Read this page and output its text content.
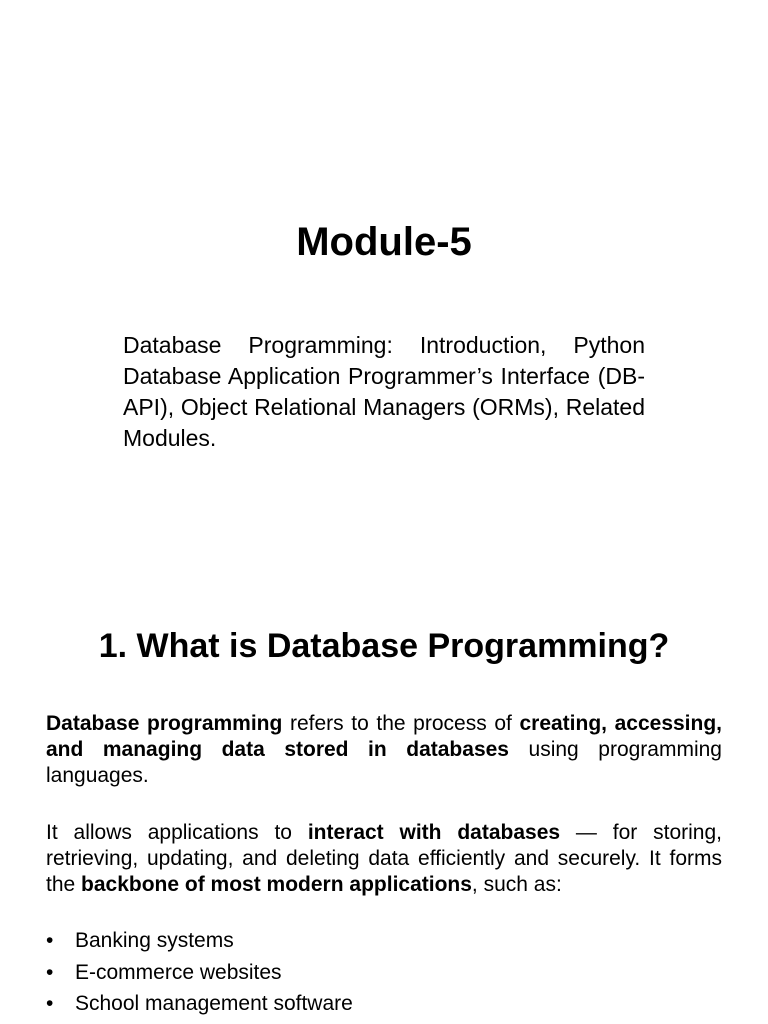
Module-5

Database Programming: Introduction, Python Database Application Programmer’s Interface (DB-API), Object Relational Managers (ORMs), Related Modules.

1. What is Database Programming?

Database programming refers to the process of creating, accessing, and managing data stored in databases using programming languages.

It allows applications to interact with databases — for storing, retrieving, updating, and deleting data efficiently and securely. It forms the backbone of most modern applications, such as:

• Banking systems
• E-commerce websites
• School management software
